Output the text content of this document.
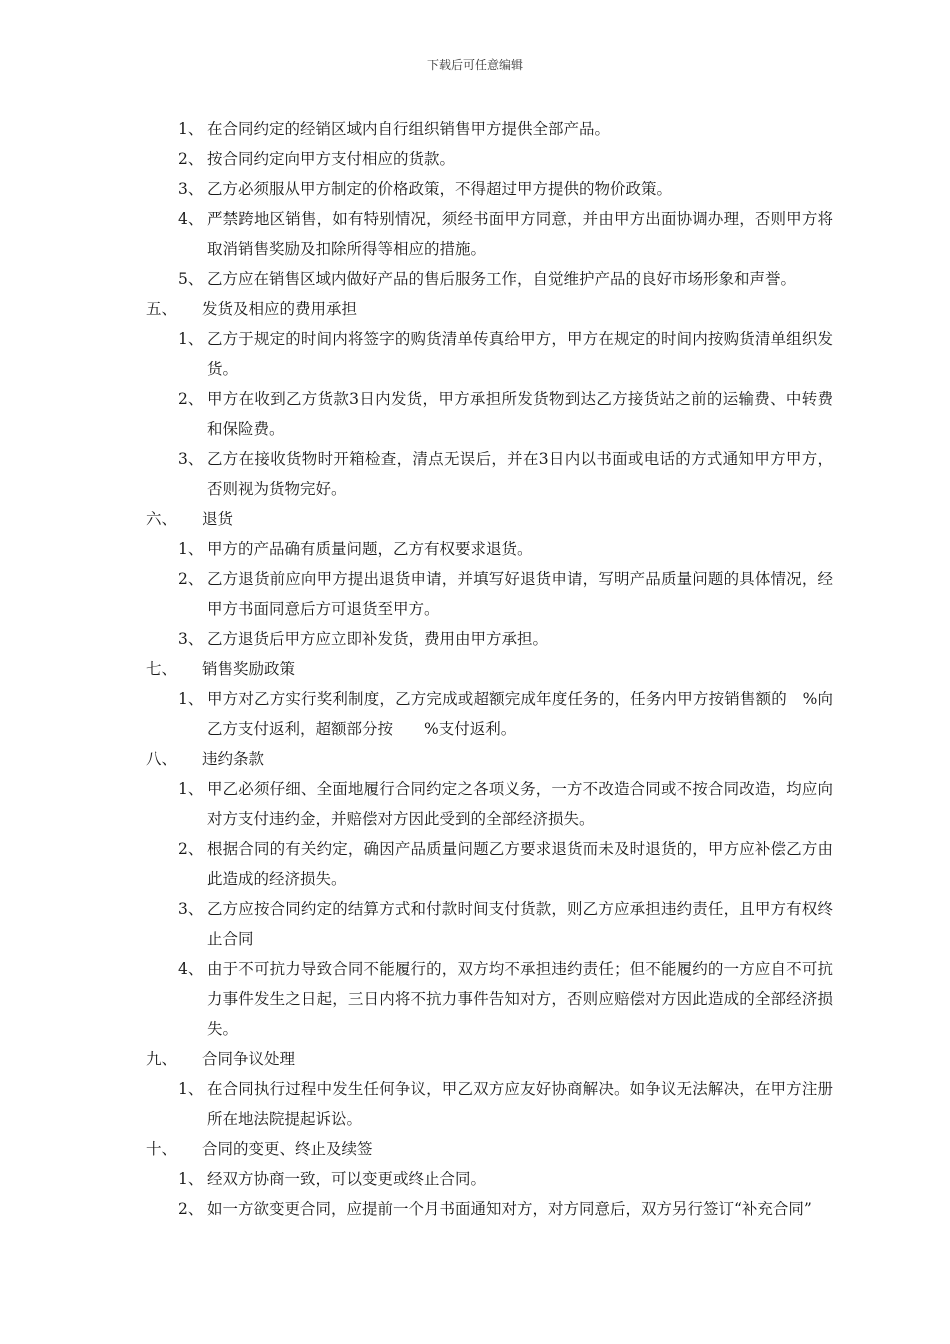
下载后可任意编辑
1、 在合同约定的经销区域内自行组织销售甲方提供全部产品。
2、 按合同约定向甲方支付相应的货款。
3、 乙方必须服从甲方制定的价格政策，不得超过甲方提供的物价政策。
4、 严禁跨地区销售，如有特别情况，须经书面甲方同意，并由甲方出面协调办理，否则甲方将取消销售奖励及扣除所得等相应的措施。
5、 乙方应在销售区域内做好产品的售后服务工作，自觉维护产品的良好市场形象和声誉。
五、 发货及相应的费用承担
1、 乙方于规定的时间内将签字的购货清单传真给甲方，甲方在规定的时间内按购货清单组织发货。
2、 甲方在收到乙方货款3日内发货，甲方承担所发货物到达乙方接货站之前的运输费、中转费和保险费。
3、 乙方在接收货物时开箱检查，清点无误后，并在3日内以书面或电话的方式通知甲方甲方，否则视为货物完好。
六、 退货
1、 甲方的产品确有质量问题，乙方有权要求退货。
2、 乙方退货前应向甲方提出退货申请，并填写好退货申请，写明产品质量问题的具体情况，经甲方书面同意后方可退货至甲方。
3、 乙方退货后甲方应立即补发货，费用由甲方承担。
七、 销售奖励政策
1、 甲方对乙方实行奖利制度，乙方完成或超额完成年度任务的，任务内甲方按销售额的　%向乙方支付返利，超额部分按　　%支付返利。
八、 违约条款
1、 甲乙必须仔细、全面地履行合同约定之各项义务，一方不改造合同或不按合同改造，均应向对方支付违约金，并赔偿对方因此受到的全部经济损失。
2、 根据合同的有关约定，确因产品质量问题乙方要求退货而未及时退货的，甲方应补偿乙方由此造成的经济损失。
3、 乙方应按合同约定的结算方式和付款时间支付货款，则乙方应承担违约责任，且甲方有权终止合同
4、 由于不可抗力导致合同不能履行的，双方均不承担违约责任；但不能履约的一方应自不可抗力事件发生之日起，三日内将不抗力事件告知对方，否则应赔偿对方因此造成的全部经济损失。
九、 合同争议处理
1、 在合同执行过程中发生任何争议，甲乙双方应友好协商解决。如争议无法解决，在甲方注册所在地法院提起诉讼。
十、 合同的变更、终止及续签
1、 经双方协商一致，可以变更或终止合同。
2、 如一方欲变更合同，应提前一个月书面通知对方，对方同意后，双方另行签订“补充合同”
